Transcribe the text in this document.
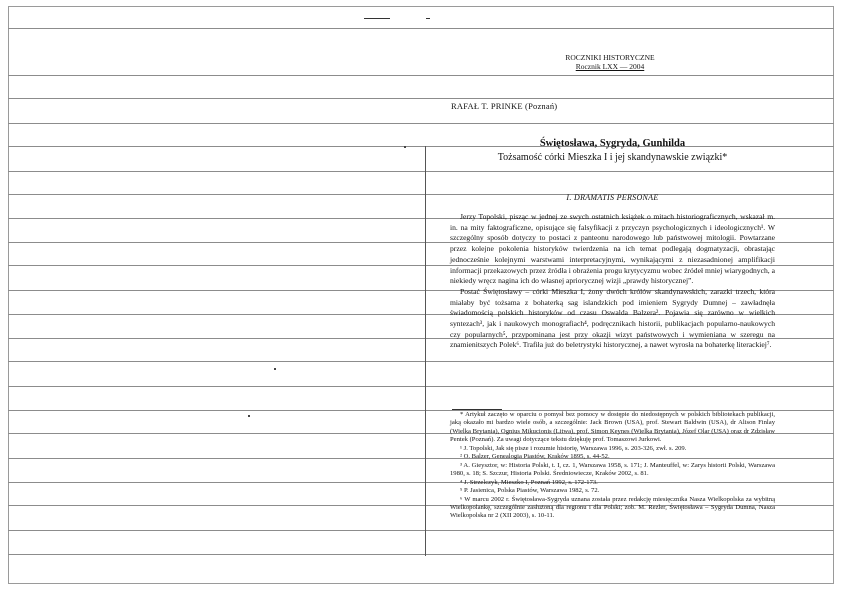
ROCZNIKI HISTORYCZNE
Rocznik LXX — 2004
RAFAŁ T. PRINKE (Poznań)
Świętosława, Sygryda, Gunhilda
Tożsamość córki Mieszka I i jej skandynawskie związki*
I. DRAMATIS PERSONAE

Jerzy Topolski, pisząc w jednej ze swych ostatnich książek o mitach historiograficznych, wskazał m. in. na mity faktograficzne, opisujące się falsyfikacji z przyczyn psychologicznych i ideologicznych¹. W szczególny sposób dotyczy to postaci z panteonu narodowego lub państwowej mitologii. Powtarzane przez kolejne pokolenia historyków twierdzenia na ich temat podlegają dogmatyzacji, obrastając jednocześnie kolejnymi warstwami interpretacyjnymi, wynikającymi z niezasadnionej amplifikacji informacji przekazowych przez źródła i obrażenia progu krytycyzmu wobec źródeł mniej wiarygodnych, a niekiedy wręcz nagina ich do własnej apriorycznej wizji „prawdy historycznej”.

Postać Świętosławy – córki Mieszka I, żony dwóch królów skandynawskich, zarazki trzech, która miałaby być tożsama z bohaterką sag islandzkich pod imieniem Sygrydy Dumnej – zawładnęła świadomością polskich historyków od czasu Oswalda Balzera². Pojawia się zarówno w wielkich syntezach³, jak i naukowych monografiach⁴, podręcznikach historii, publikacjach popularno-naukowych czy popularnych⁵, przypominana jest przy okazji wizyt państwowych i wymieniana w szeregu na znamienitszych Polek⁶. Trafiła już do beletrystyki historycznej, a nawet wyrosła na bohaterkę literackiej⁷.

* Artykuł zaczęto w oparciu o pomysł bez pomocy w dostępie do niedostępnych w polskich bibliotekach publikacji, jaką okazało mi bardzo wiele osób, a szczególnie: Jack Brown (USA), prof. Stewart Baldwin (USA), dr Alison Finlay (Wielka Brytania), Ognius Mikucionis (Litwa), prof. Simon Keynes (Wielka Brytania), Józef Olar (USA) oraz dr Zdzisław Pentek (Poznań). Za uwagi dotyczące tekstu dziękuję prof. Tomaszowi Jurkowi.

¹ J. Topolski, Jak się pisze i rozumie historię, Warszawa 1996, s. 203-326, zwł. s. 209.

² O. Balzer, Genealogia Piastów, Kraków 1895, s. 44-52.

³ A. Gieysztor, w: Historia Polski, t. I, cz. 1, Warszawa 1958, s. 171; J. Manteuffel, w: Zarys historii Polski, Warszawa 1980, s. 18; S. Szczur, Historia Polski. Średniowiecze, Kraków 2002, s. 81.

⁴ J. Strzelczyk, Mieszko I, Poznań 1992, s. 172-173.

⁵ P. Jasienica, Polska Piastów, Warszawa 1982, s. 72.

⁶ W marcu 2002 r. Świętosława-Sygryda uznana została przez redakcję miesięcznika Nasza Wielkopolska za wybitną Wielkopolankę, szczególnie zasłużoną dla regionu i dla Polski; zob. M. Rezler, Świętosława – Sygryda Dumna, Nasza Wielkopolska nr 2 (XII 2003), s. 10-11.
